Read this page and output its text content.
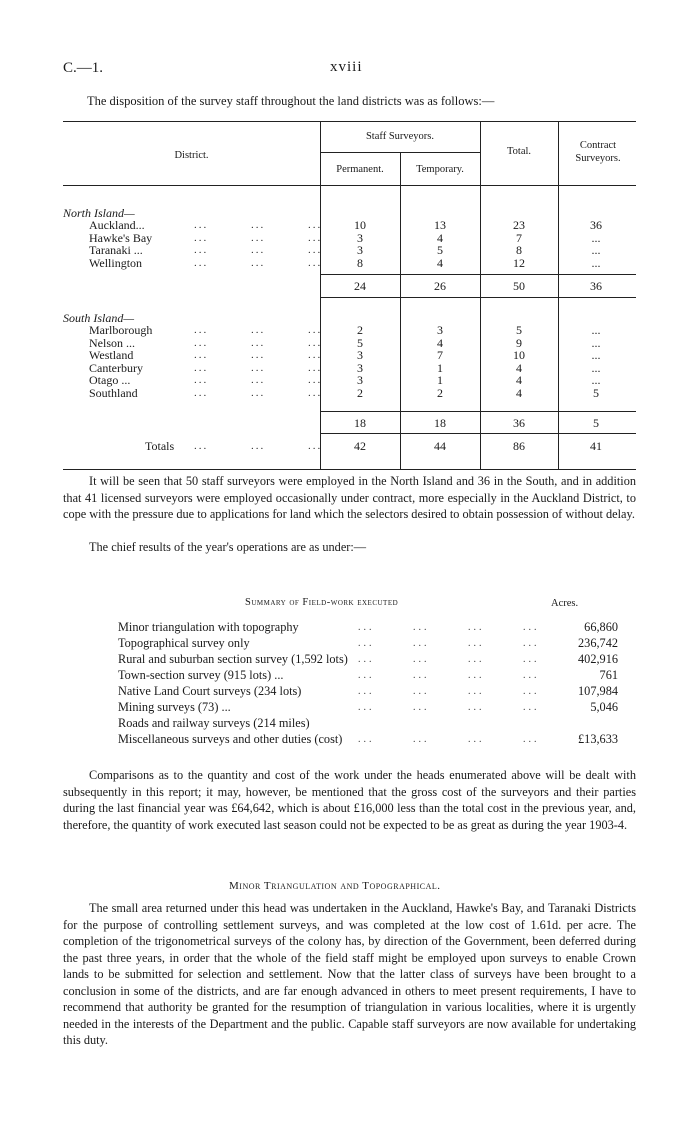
C.—1.	xviii
The disposition of the survey staff throughout the land districts was as follows:—
District.
Staff Surveyors.
Permanent.	Temporary.
Total.
Contract Surveyors.
North Island—
Auckland...	...         ...         ...	10	13	23	36
Hawke's Bay	...         ...         ...	3	4	7	...
Taranaki ...	...         ...         ...	3	5	8	...
Wellington	...         ...         ...	8	4	12	...
24	26	50	36
South Island—
Marlborough	...         ...         ...	2	3	5	...
Nelson ...	...         ...         ...	5	4	9	...
Westland	...         ...         ...	3	7	10	...
Canterbury	...         ...         ...	3	1	4	...
Otago ...	...         ...         ...	3	1	4	...
Southland	...         ...         ...	2	2	4	5
18	18	36	5
Totals ...         ...         ...	42	44	86	41
It will be seen that 50 staff surveyors were employed in the North Island and 36 in the South, and in addition that 41 licensed surveyors were employed occasionally under contract, more especially in the Auckland District, to cope with the pressure due to applications for land which the selectors desired to obtain possession of without delay.
The chief results of the year's operations are as under:—
Summary of Field-work executed	Acres.
Minor triangulation with topography	...       ...       ...       ...	66,860
Topographical survey only	...       ...       ...       ...	236,742
Rural and suburban section survey (1,592 lots) ...       ...       ...       ...	402,916
Town-section survey (915 lots) ...	...       ...       ...       ...	761
Native Land Court surveys (234 lots)	...       ...       ...       ...	107,984
Mining surveys (73) ...	...       ...       ...       ...	5,046
Roads and railway surveys (214 miles)
Miscellaneous surveys and other duties (cost) ...       ...       ...       ...	£13,633
Comparisons as to the quantity and cost of the work under the heads enumerated above will be dealt with subsequently in this report; it may, however, be mentioned that the gross cost of the surveyors and their parties during the last financial year was £64,642, which is about £16,000 less than the total cost in the previous year, and, therefore, the quantity of work executed last season could not be expected to be as great as during the year 1903-4.
Minor Triangulation and Topographical.
The small area returned under this head was undertaken in the Auckland, Hawke's Bay, and Taranaki Districts for the purpose of controlling settlement surveys, and was completed at the low cost of 1.61d. per acre. The completion of the trigonometrical surveys of the colony has, by direction of the Government, been deferred during the past three years, in order that the whole of the field staff might be employed upon surveys to enable Crown lands to be submitted for selection and settlement. Now that the latter class of surveys have been brought to a conclusion in some of the districts, and are far enough advanced in others to meet present requirements, I have to recommend that authority be granted for the resumption of triangulation in various localities, where it is urgently needed in the interests of the Department and the public. Capable staff surveyors are now available for undertaking this duty.
